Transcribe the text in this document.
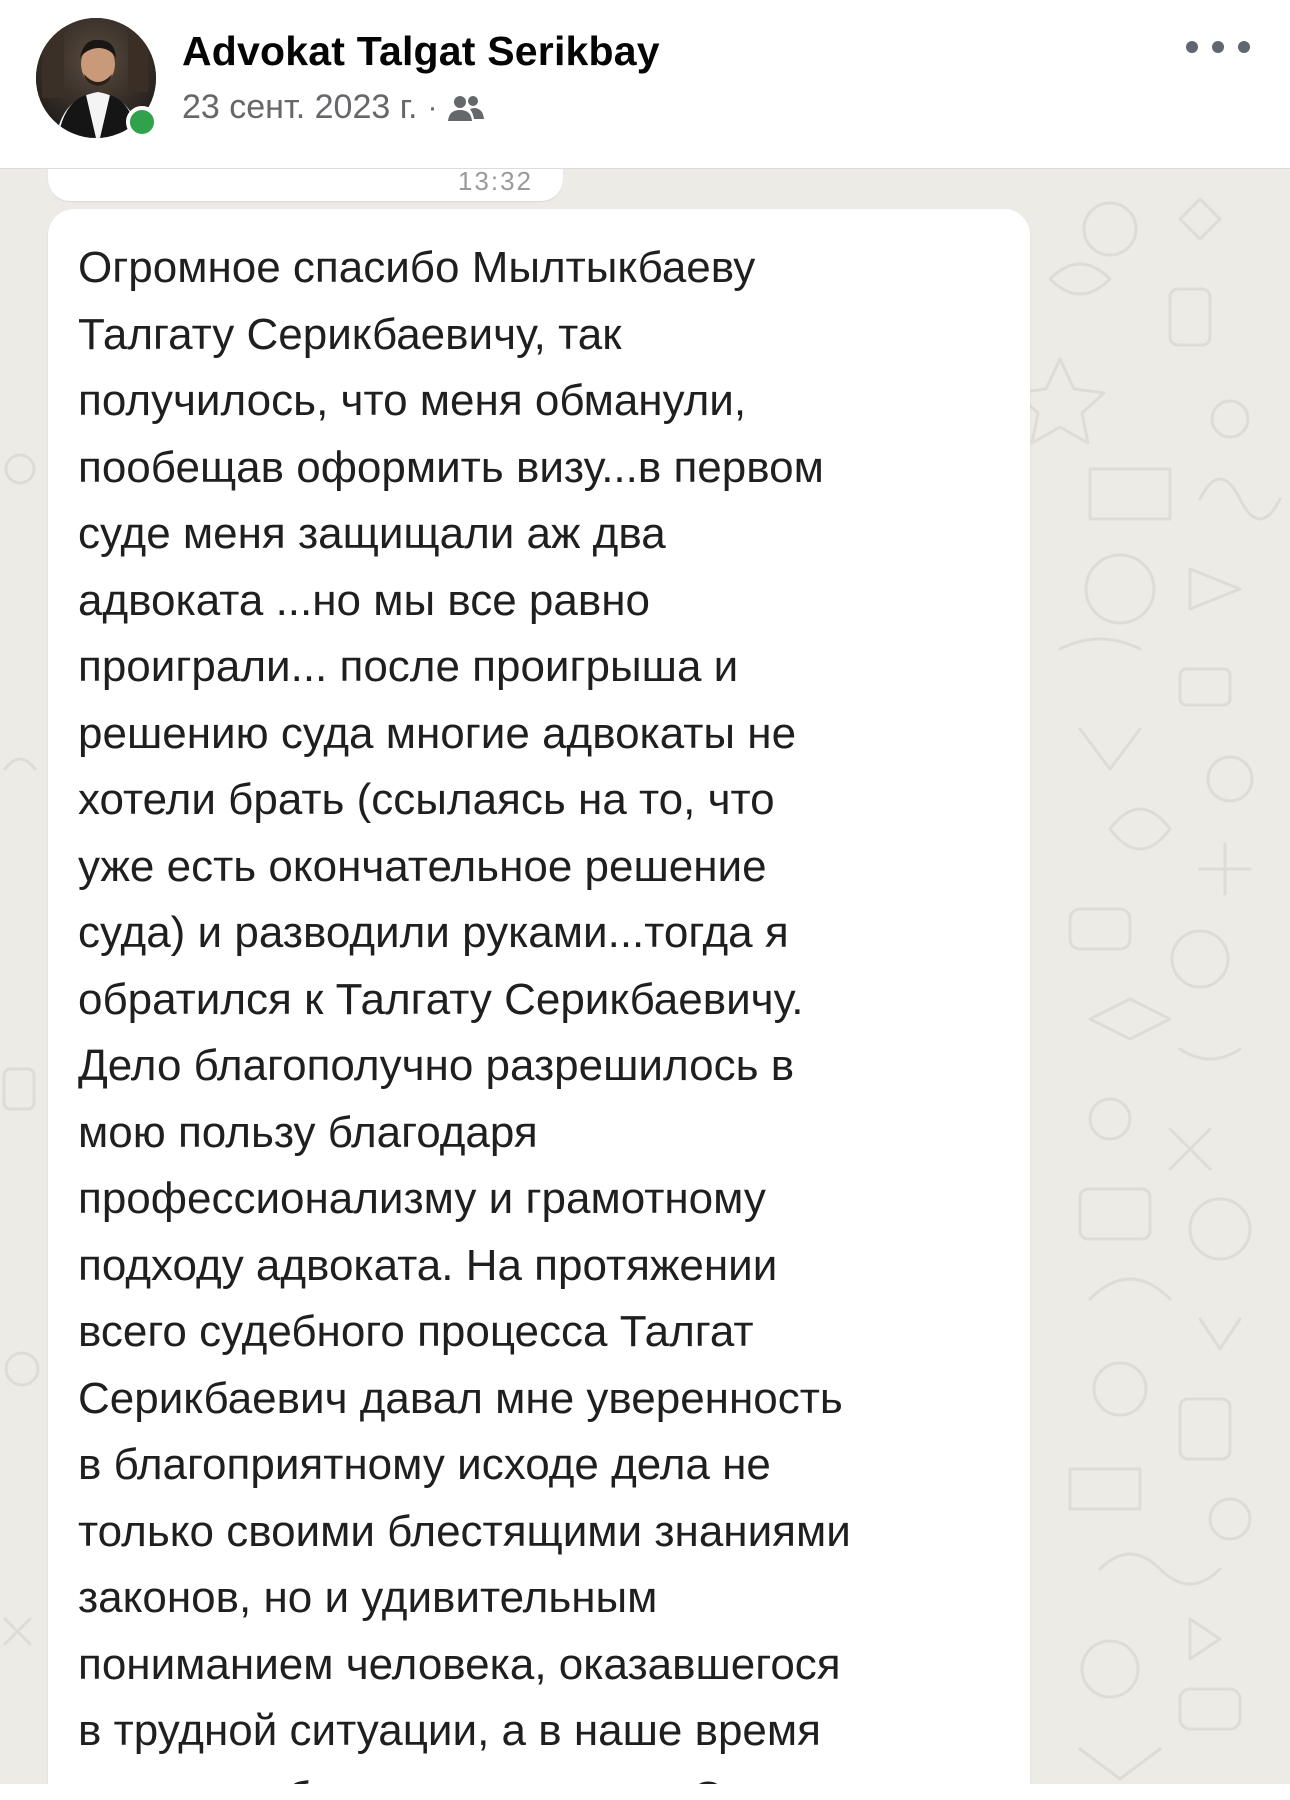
Advokat Talgat Serikbay
23 сент. 2023 г. ·
13:32

Огромное спасибо Мылтыкбаеву
Талгату Серикбаевичу, так
получилось, что меня обманули,
пообещав оформить визу...в первом
суде меня защищали аж два
адвоката ...но мы все равно
проиграли... после проигрыша и
решению суда многие адвокаты не
хотели брать (ссылаясь на то, что
уже есть окончательное решение
суда) и разводили руками...тогда я
обратился к Талгату Серикбаевичу.
Дело благополучно разрешилось в
мою пользу благодаря
профессионализму и грамотному
подходу адвоката. На протяжении
всего судебного процесса Талгат
Серикбаевич давал мне уверенность
в благоприятному исходе дела не
только своими блестящими знаниями
законов, но и удивительным
пониманием человека, оказавшегося
в трудной ситуации, а в наше время
